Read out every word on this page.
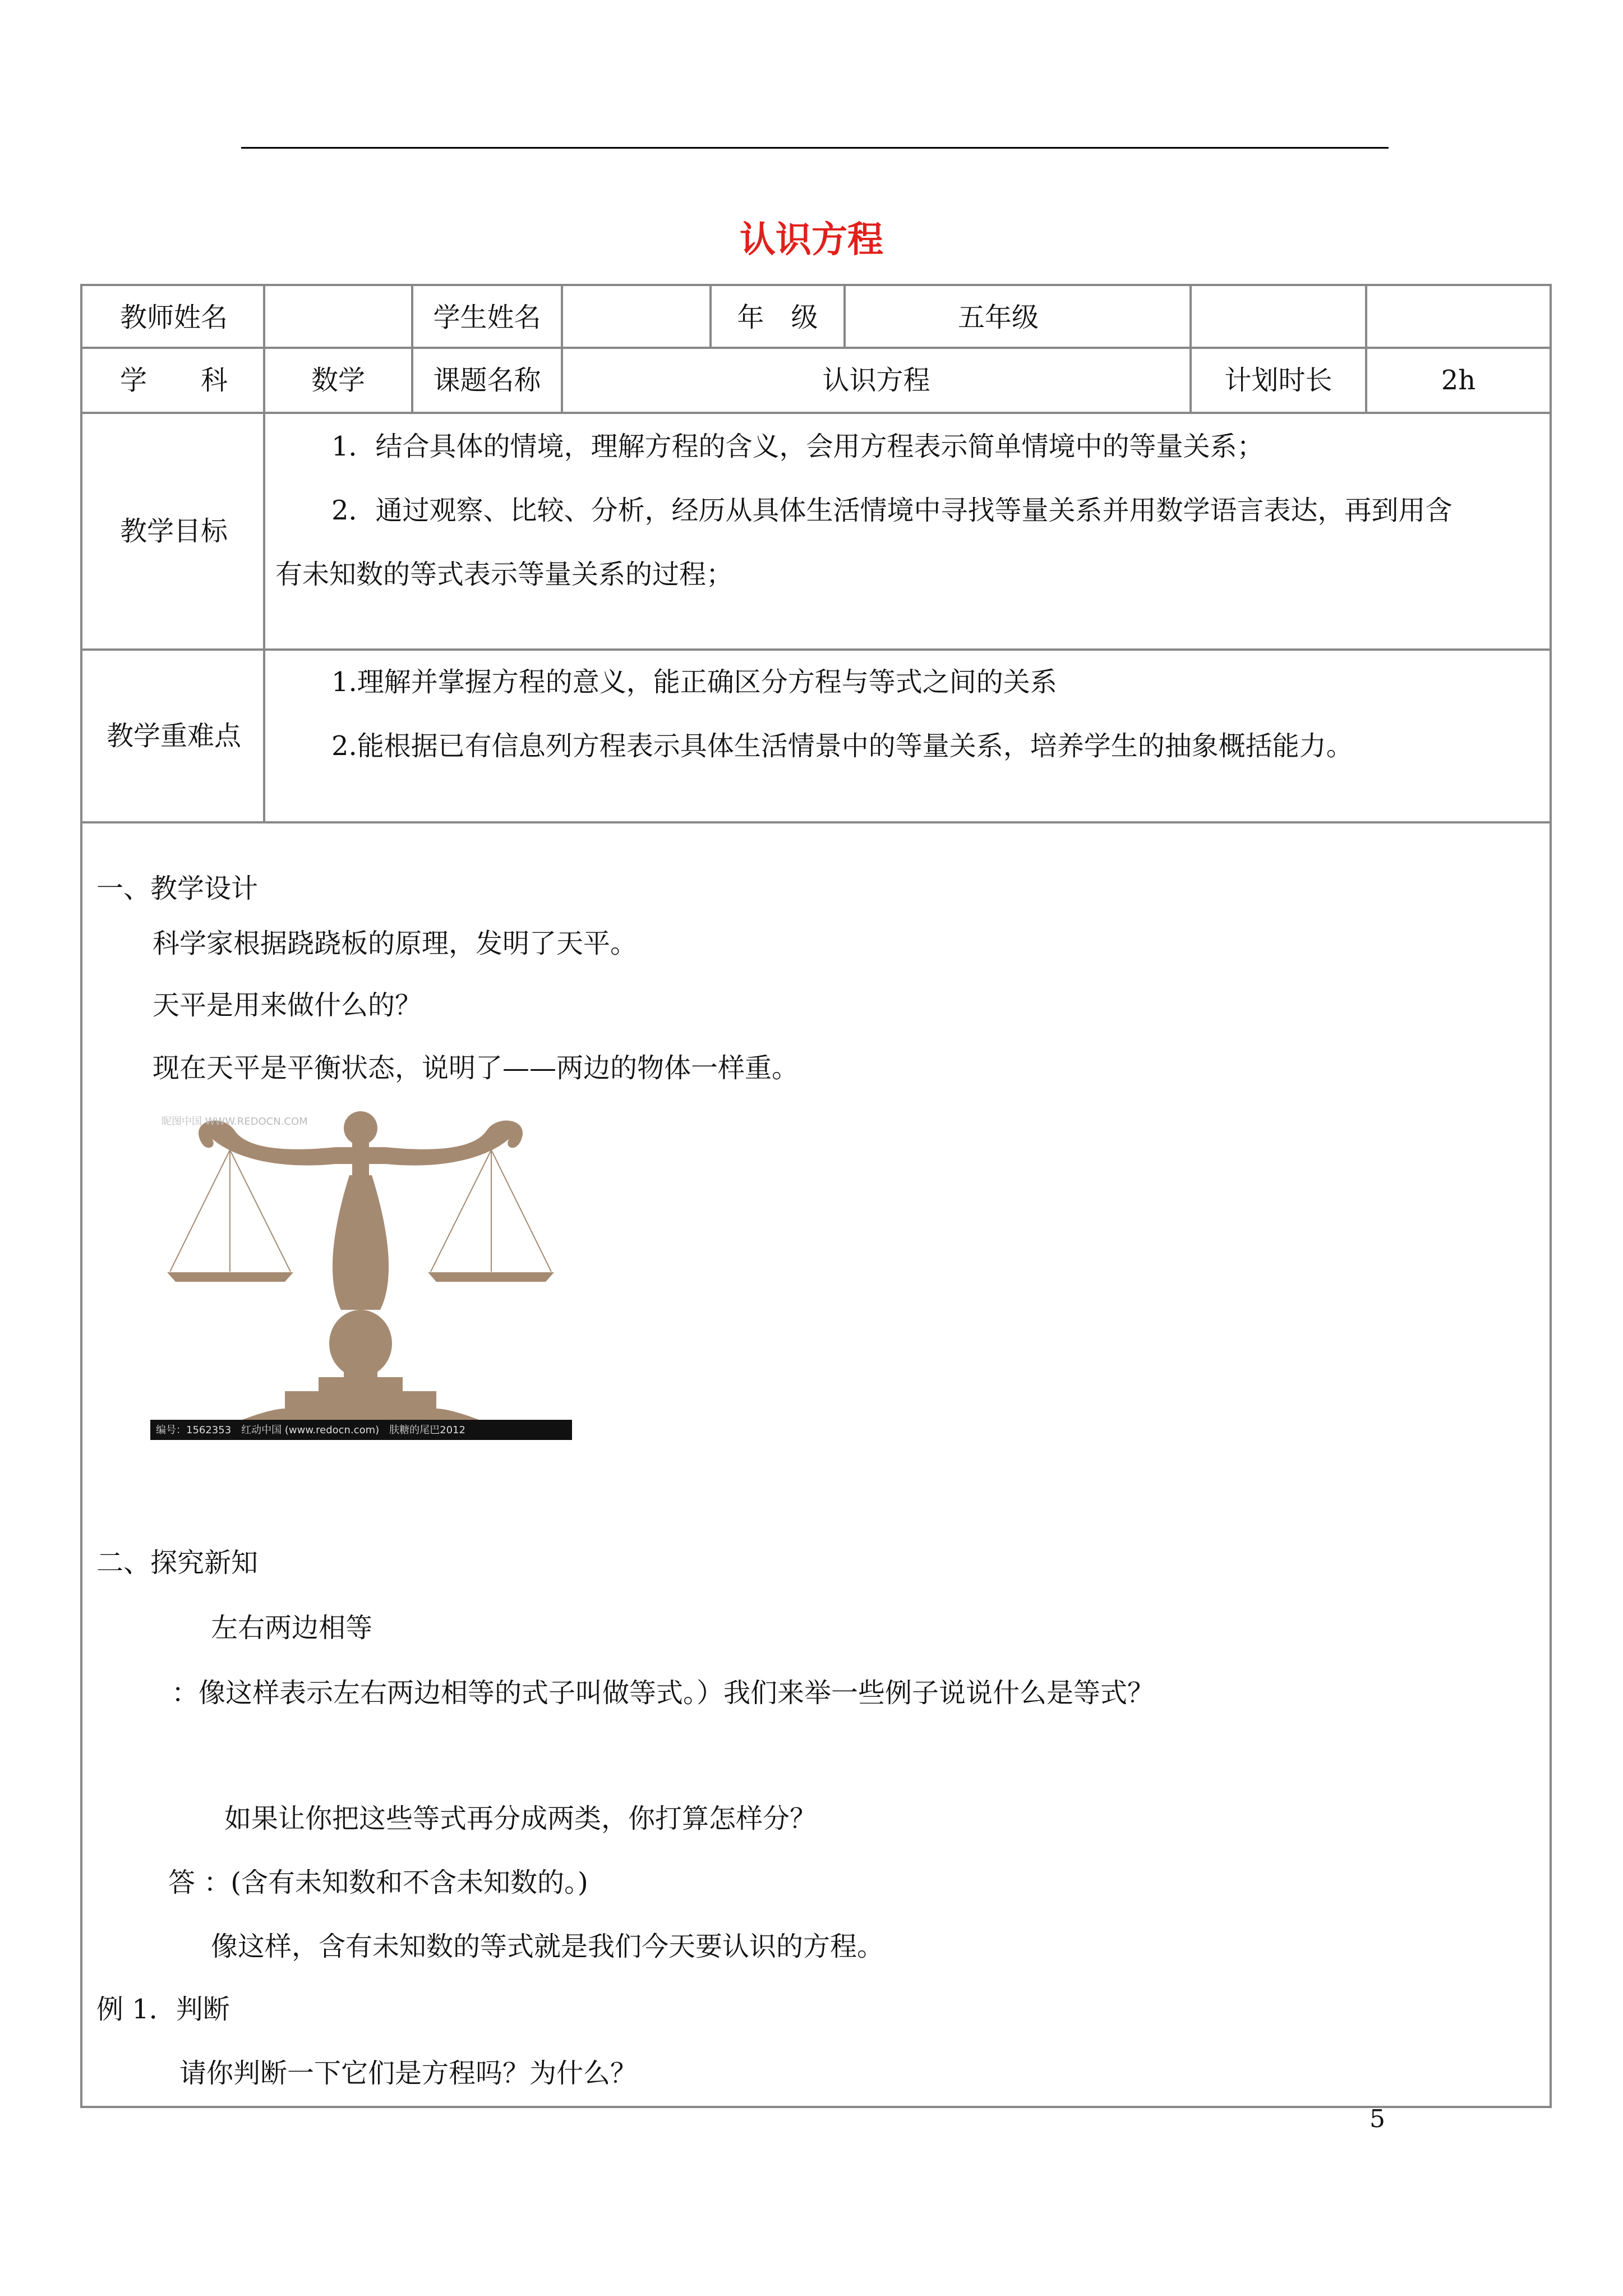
认识方程
教师姓名	学生姓名	年　级	五年级
学　　科	数学	课题名称	认识方程	计划时长	2h
教学目标
1．结合具体的情境，理解方程的含义，会用方程表示简单情境中的等量关系；
2．通过观察、比较、分析，经历从具体生活情境中寻找等量关系并用数学语言表达，再到用含
有未知数的等式表示等量关系的过程；
教学重难点
1.理解并掌握方程的意义，能正确区分方程与等式之间的关系
2.能根据已有信息列方程表示具体生活情景中的等量关系，培养学生的抽象概括能力。
一、教学设计
科学家根据跷跷板的原理，发明了天平。
天平是用来做什么的？
现在天平是平衡状态，说明了——两边的物体一样重。
昵图中国 WWW.REDOCN.COM
编号：1562353　红动中国 (www.redocn.com)　肤糖的尾巴2012
二、探究新知
左右两边相等
：像这样表示左右两边相等的式子叫做等式。）我们来举一些例子说说什么是等式？
如果让你把这些等式再分成两类，你打算怎样分？
答 ：(含有未知数和不含未知数的。)
像这样，含有未知数的等式就是我们今天要认识的方程。
例 1．判断
请你判断一下它们是方程吗？为什么？
5
